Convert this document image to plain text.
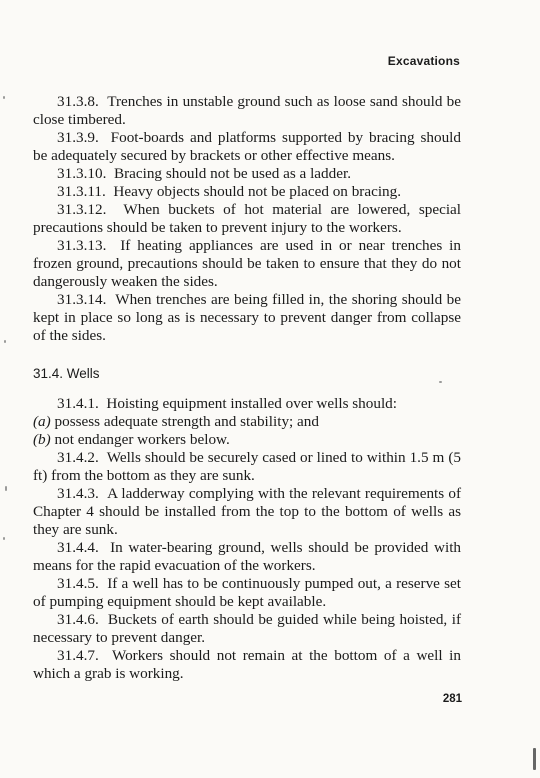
Excavations

31.3.8. Trenches in unstable ground such as loose sand should be close timbered.

31.3.9. Foot-boards and platforms supported by bracing should be adequately secured by brackets or other effective means.

31.3.10. Bracing should not be used as a ladder.

31.3.11. Heavy objects should not be placed on bracing.

31.3.12. When buckets of hot material are lowered, special precautions should be taken to prevent injury to the workers.

31.3.13. If heating appliances are used in or near trenches in frozen ground, precautions should be taken to ensure that they do not dangerously weaken the sides.

31.3.14. When trenches are being filled in, the shoring should be kept in place so long as is necessary to prevent danger from collapse of the sides.

31.4. Wells

31.4.1. Hoisting equipment installed over wells should:

(a) possess adequate strength and stability; and

(b) not endanger workers below.

31.4.2. Wells should be securely cased or lined to within 1.5 m (5 ft) from the bottom as they are sunk.

31.4.3. A ladderway complying with the relevant requirements of Chapter 4 should be installed from the top to the bottom of wells as they are sunk.

31.4.4. In water-bearing ground, wells should be provided with means for the rapid evacuation of the workers.

31.4.5. If a well has to be continuously pumped out, a reserve set of pumping equipment should be kept available.

31.4.6. Buckets of earth should be guided while being hoisted, if necessary to prevent danger.

31.4.7. Workers should not remain at the bottom of a well in which a grab is working.

281
